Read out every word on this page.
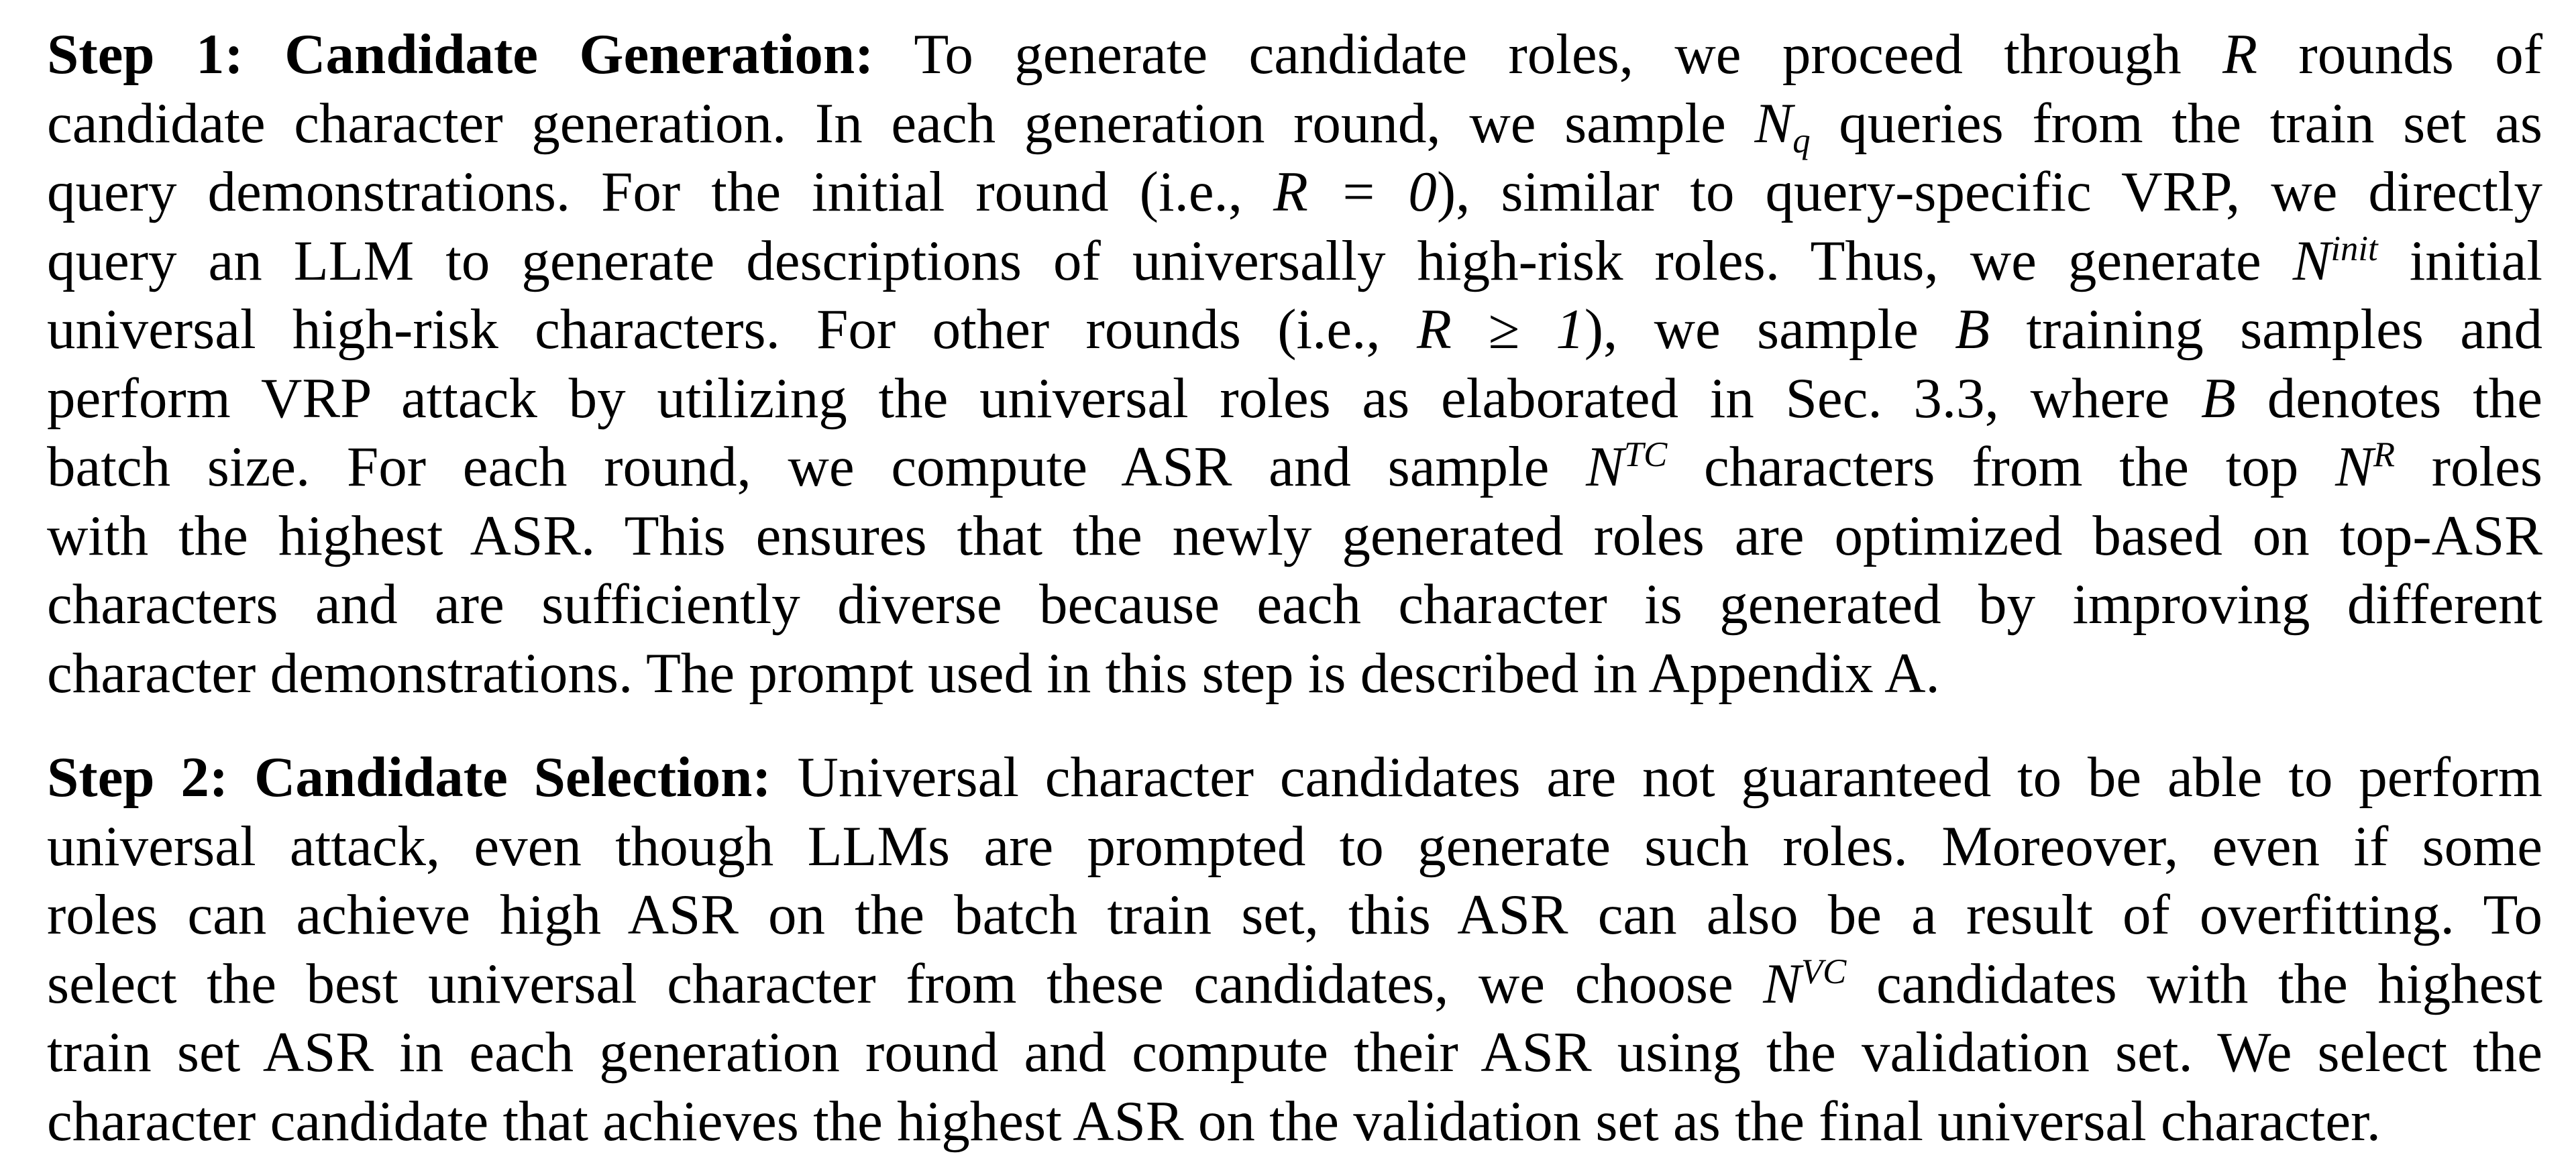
Step 1: Candidate Generation: To generate candidate roles, we proceed through R rounds of
candidate character generation. In each generation round, we sample $N_q$ queries from the train set as
query demonstrations. For the initial round (i.e., R = 0), similar to query-specific VRP, we directly
query an LLM to generate descriptions of universally high-risk roles. Thus, we generate $N^{init}$ initial
universal high-risk characters. For other rounds (i.e., R ≥ 1), we sample B training samples and
perform VRP attack by utilizing the universal roles as elaborated in Sec. 3.3, where B denotes the
batch size. For each round, we compute ASR and sample $N^{TC}$ characters from the top $N^R$ roles
with the highest ASR. This ensures that the newly generated roles are optimized based on top-ASR
characters and are sufficiently diverse because each character is generated by improving different
character demonstrations. The prompt used in this step is described in Appendix A.
Step 2: Candidate Selection: Universal character candidates are not guaranteed to be able to perform
universal attack, even though LLMs are prompted to generate such roles. Moreover, even if some
roles can achieve high ASR on the batch train set, this ASR can also be a result of overfitting. To
select the best universal character from these candidates, we choose $N^{VC}$ candidates with the highest
train set ASR in each generation round and compute their ASR using the validation set. We select the
character candidate that achieves the highest ASR on the validation set as the final universal character.
